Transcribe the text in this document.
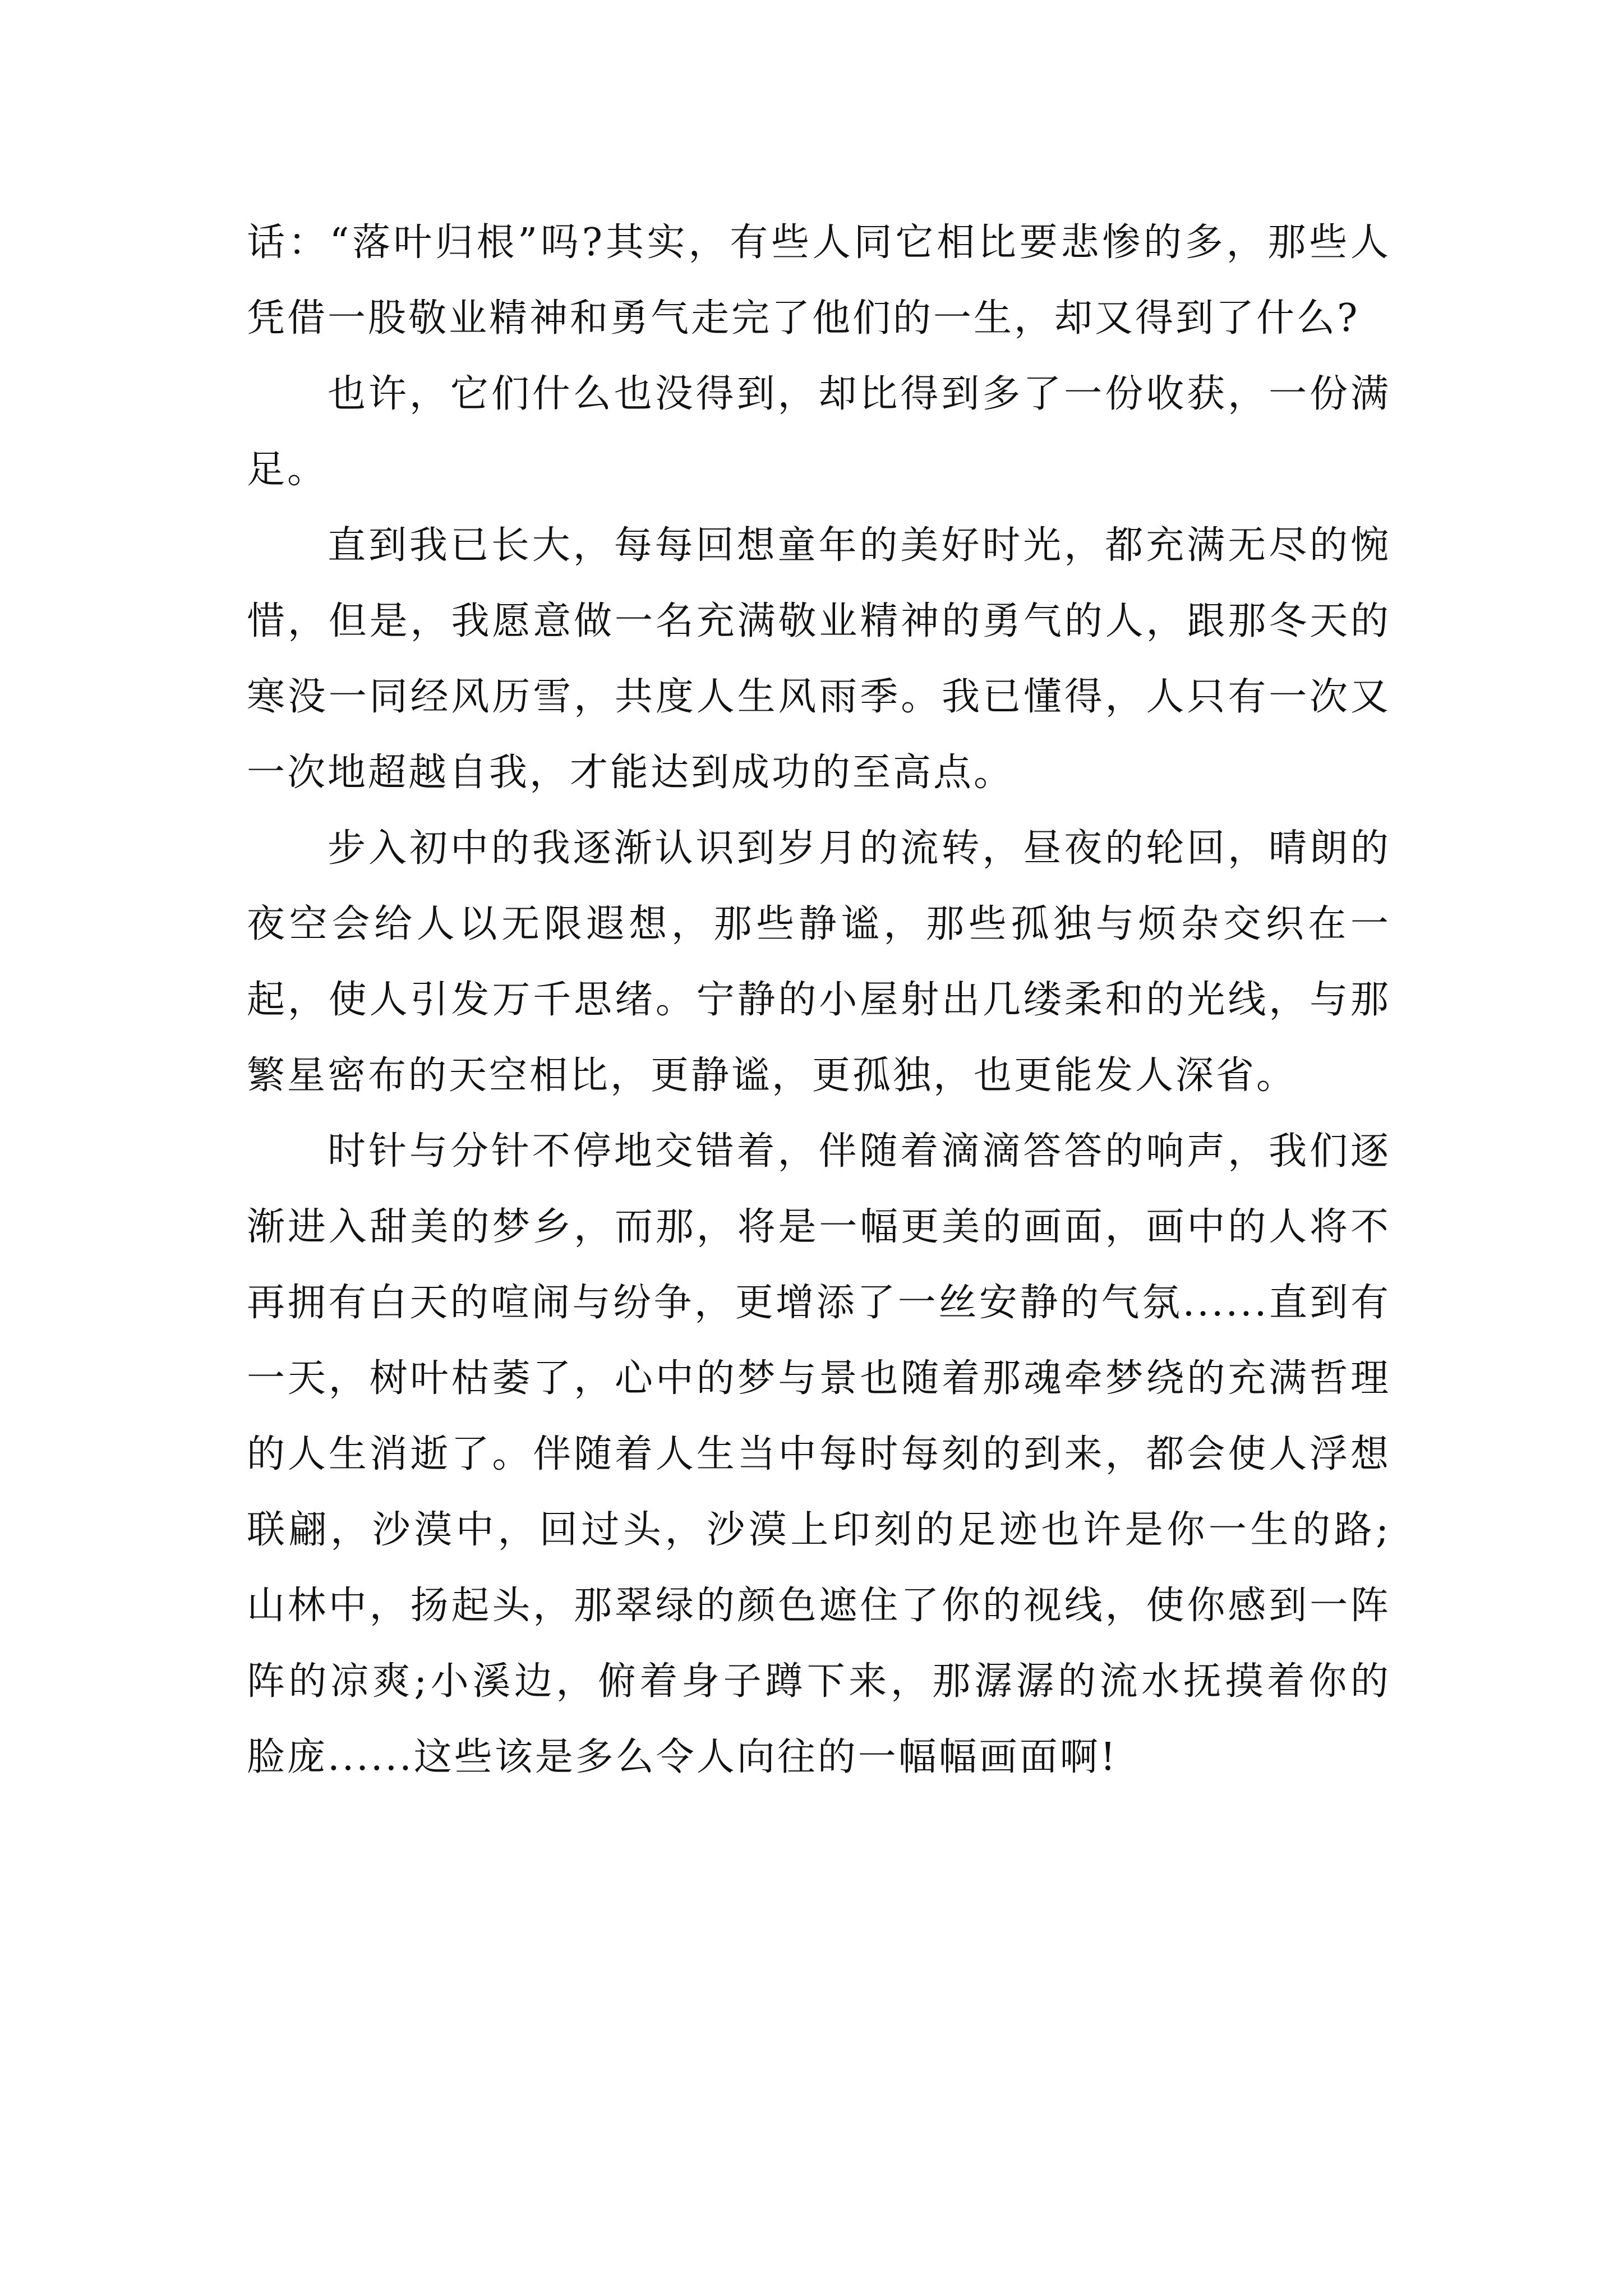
话：“落叶归根”吗?其实，有些人同它相比要悲惨的多，那些人凭借一股敬业精神和勇气走完了他们的一生，却又得到了什么?

也许，它们什么也没得到，却比得到多了一份收获，一份满足。

直到我已长大，每每回想童年的美好时光，都充满无尽的惋惜，但是，我愿意做一名充满敬业精神的勇气的人，跟那冬天的寒没一同经风历雪，共度人生风雨季。我已懂得，人只有一次又一次地超越自我，才能达到成功的至高点。

步入初中的我逐渐认识到岁月的流转，昼夜的轮回，晴朗的夜空会给人以无限遐想，那些静谧，那些孤独与烦杂交织在一起，使人引发万千思绪。宁静的小屋射出几缕柔和的光线，与那繁星密布的天空相比，更静谧，更孤独，也更能发人深省。

时针与分针不停地交错着，伴随着滴滴答答的响声，我们逐渐进入甜美的梦乡，而那，将是一幅更美的画面，画中的人将不再拥有白天的喧闹与纷争，更增添了一丝安静的气氛......直到有一天，树叶枯萎了，心中的梦与景也随着那魂牵梦绕的充满哲理的人生消逝了。伴随着人生当中每时每刻的到来，都会使人浮想联翩，沙漠中，回过头，沙漠上印刻的足迹也许是你一生的路;山林中，扬起头，那翠绿的颜色遮住了你的视线，使你感到一阵阵的凉爽;小溪边，俯着身子蹲下来，那潺潺的流水抚摸着你的脸庞......这些该是多么令人向往的一幅幅画面啊!
